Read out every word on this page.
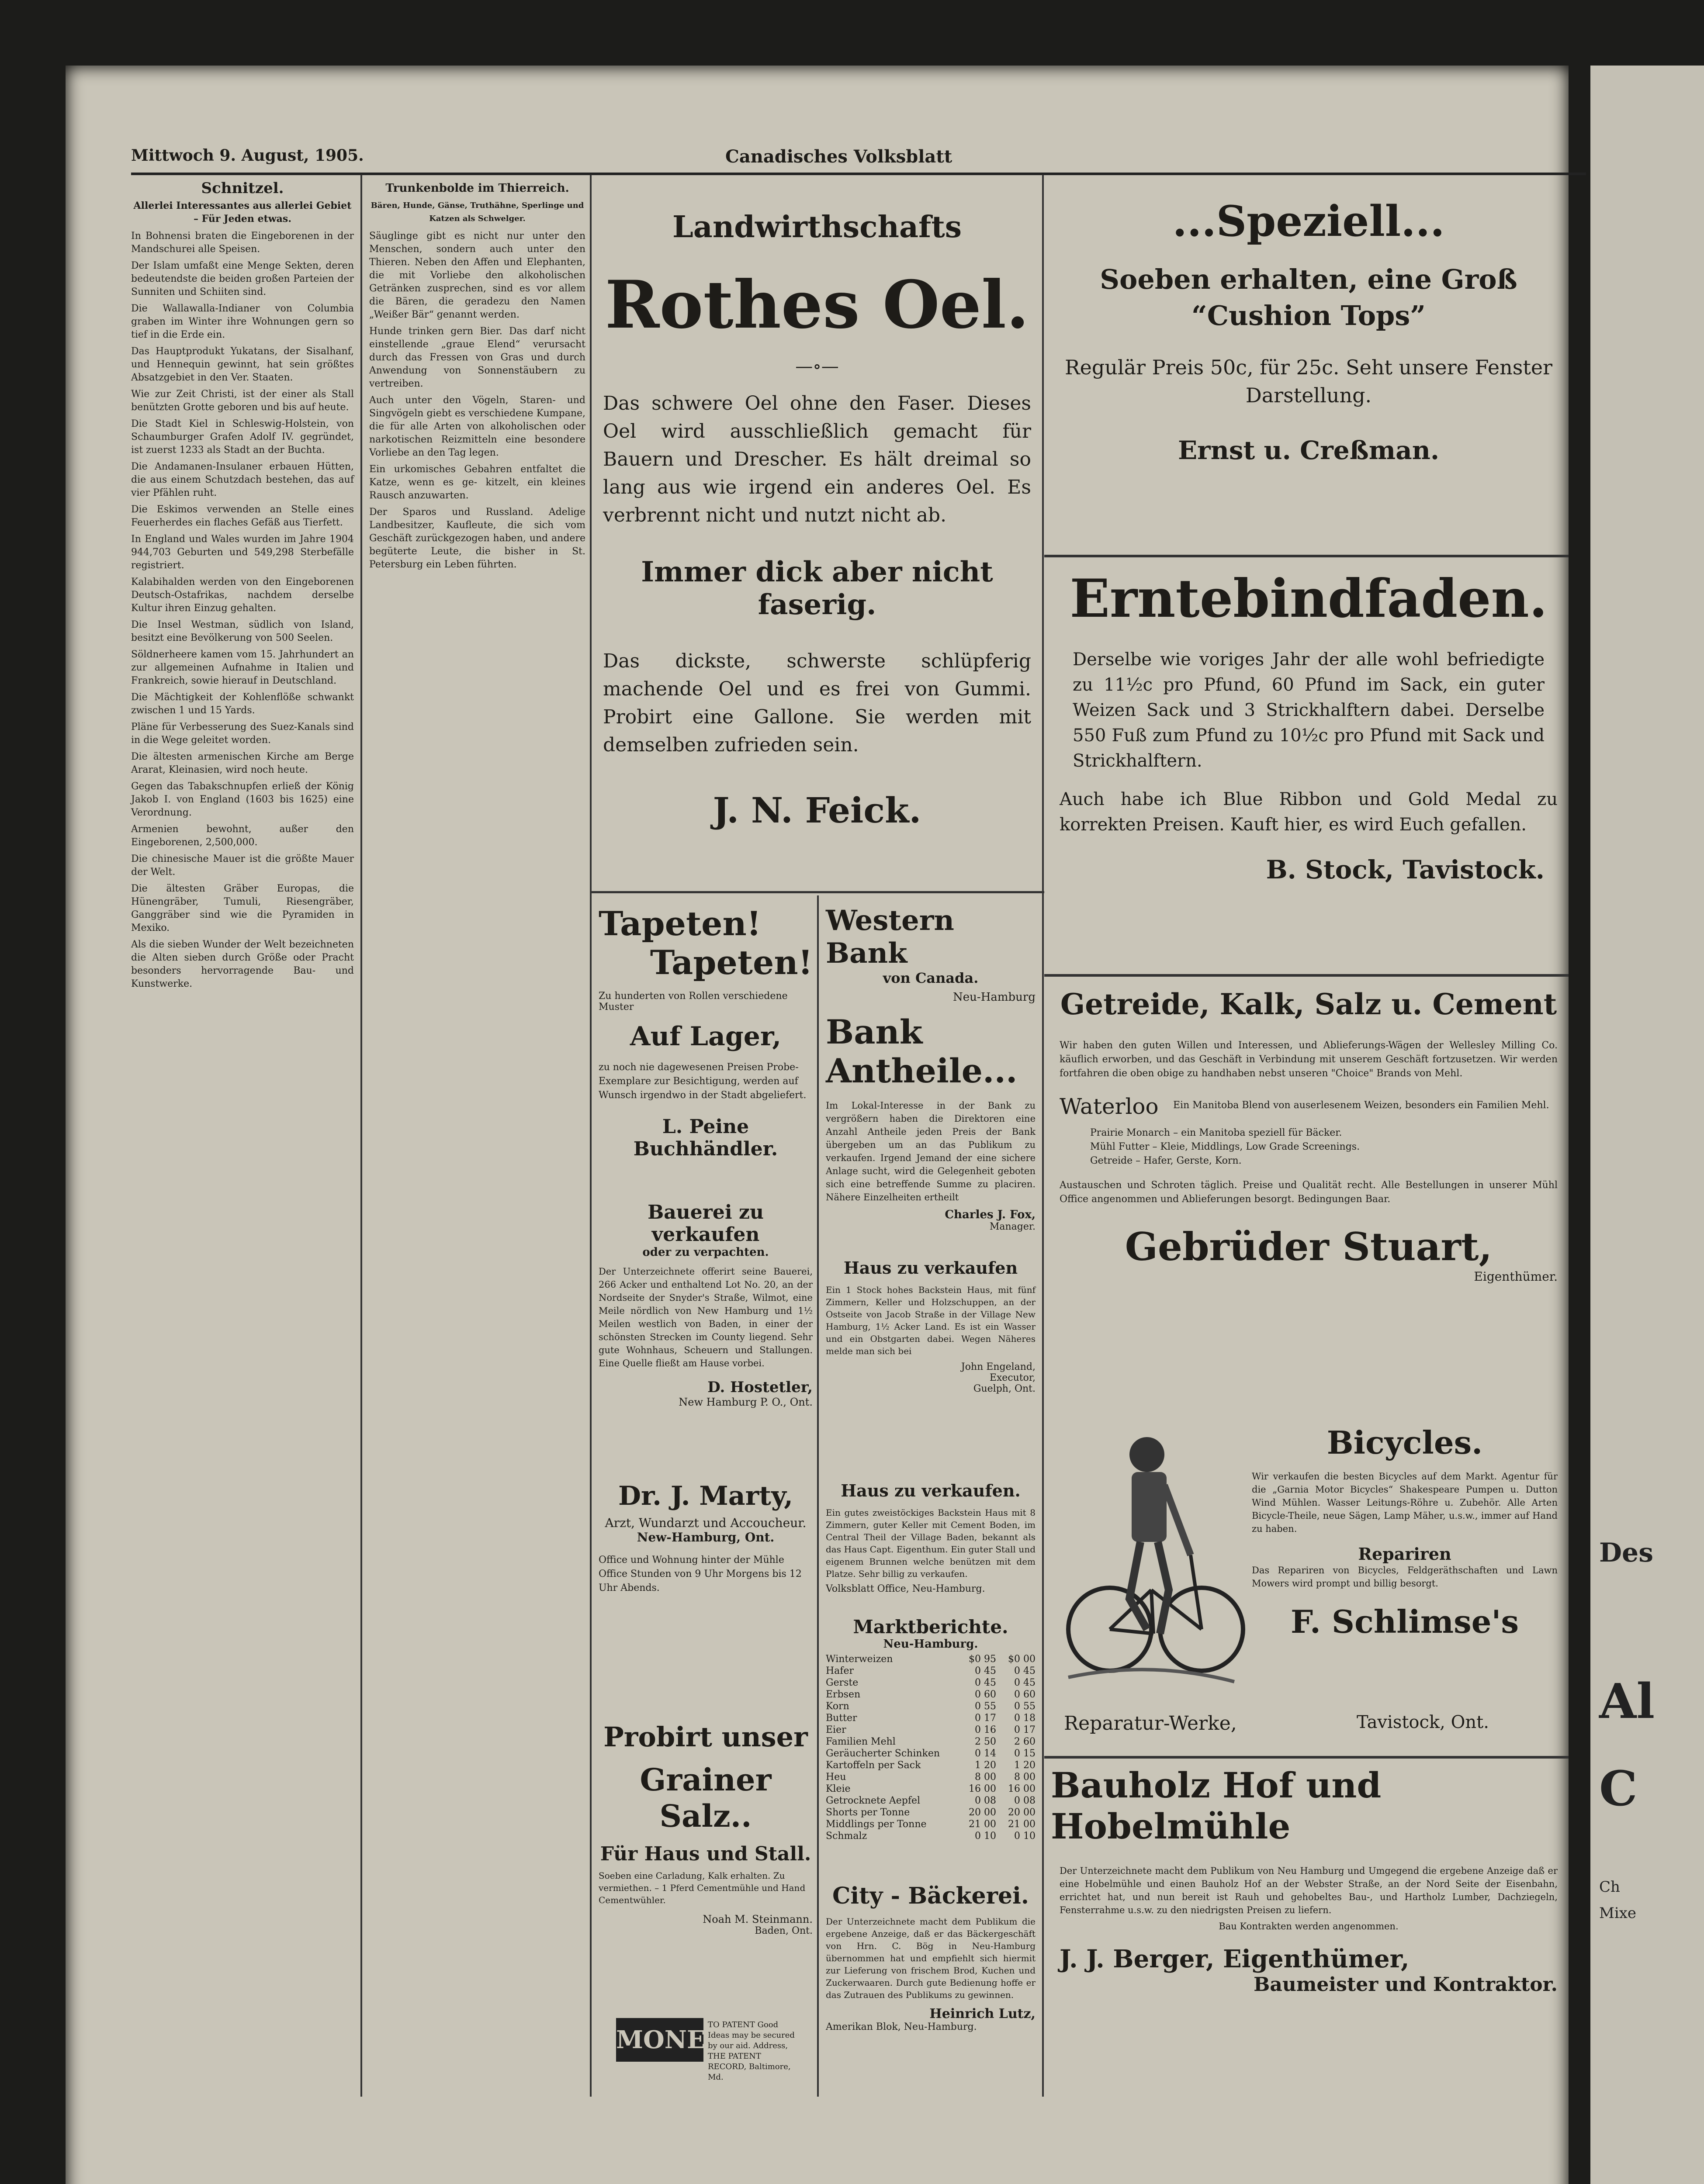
Des
Al
C
Ch
Mixe
Mittwoch 9. August, 1905.	Canadisches Volksblatt
Schnitzel.
Allerlei Interessantes aus allerlei Gebiet – Für Jeden etwas.

In Bohnensi braten die Eingeborenen in der Mandschurei alle Speisen.

Der Islam umfaßt eine Menge Sekten, deren bedeutendste die beiden großen Parteien der Sunniten und Schiiten sind.

Die Wallawalla-Indianer von Columbia graben im Winter ihre Wohnungen gern so tief in die Erde ein.

Das Hauptprodukt Yukatans, der Sisalhanf, und Hennequin gewinnt, hat sein größtes Absatzgebiet in den Ver. Staaten.

Wie zur Zeit Christi, ist der einer als Stall benützten Grotte geboren und bis auf heute.

Die Stadt Kiel in Schleswig-Holstein, von Schaumburger Grafen Adolf IV. gegründet, ist zuerst 1233 als Stadt an der Buchta.

Die Andamanen-Insulaner erbauen Hütten, die aus einem Schutzdach bestehen, das auf vier Pfählen ruht.

Die Eskimos verwenden an Stelle eines Feuerherdes ein flaches Gefäß aus Tierfett.

In England und Wales wurden im Jahre 1904 944,703 Geburten und 549,298 Sterbefälle registriert.

Kalabihalden werden von den Eingeborenen Deutsch-Ostafrikas, nachdem derselbe Kultur ihren Einzug gehalten.

Die Insel Westman, südlich von Island, besitzt eine Bevölkerung von 500 Seelen.

Söldnerheere kamen vom 15. Jahrhundert an zur allgemeinen Aufnahme in Italien und Frankreich, sowie hierauf in Deutschland.

Die Mächtigkeit der Kohlenflöße schwankt zwischen 1 und 15 Yards.

Pläne für Verbesserung des Suez-Kanals sind in die Wege geleitet worden.

Die ältesten armenischen Kirche am Berge Ararat, Kleinasien, wird noch heute.

Gegen das Tabakschnupfen erließ der König Jakob I. von England (1603 bis 1625) eine Verordnung.

Armenien bewohnt, außer den Eingeborenen, 2,500,000.

Die chinesische Mauer ist die größte Mauer der Welt.

Die ältesten Gräber Europas, die Hünengräber, Tumuli, Riesengräber, Ganggräber sind wie die Pyramiden in Mexiko.

Als die sieben Wunder der Welt bezeichneten die Alten sieben durch Größe oder Pracht besonders hervorragende Bau- und Kunstwerke.

Trunkenbolde im Thierreich.
Bären, Hunde, Gänse, Truthähne, Sperlinge und Katzen als Schwelger.

Säuglinge gibt es nicht nur unter den Menschen, sondern auch unter den Thieren. Neben den Affen und Elephanten, die mit Vorliebe den alkoholischen Getränken zusprechen, sind es vor allem die Bären, die geradezu den Namen „Weißer Bär“ genannt werden.

Hunde trinken gern Bier. Das darf nicht einstellende „graue Elend“ verursacht durch das Fressen von Gras und durch Anwendung von Sonnenstäubern zu vertreiben.

Auch unter den Vögeln, Staren- und Singvögeln giebt es verschiedene Kumpane, die für alle Arten von alkoholischen oder narkotischen Reizmitteln eine besondere Vorliebe an den Tag legen.

Ein urkomisches Gebahren entfaltet die Katze, wenn es ge- kitzelt, ein kleines Rausch anzuwarten.

Der Sparos und Russland. Adelige Landbesitzer, Kaufleute, die sich vom Geschäft zurückgezogen haben, und andere begüterte Leute, die bisher in St. Petersburg ein Leben führten.

Landwirthschafts
Rothes Oel.
—∘—
Das schwere Oel ohne den Faser. Dieses Oel wird ausschließlich gemacht für Bauern und Drescher. Es hält dreimal so lang aus wie irgend ein anderes Oel. Es verbrennt nicht und nutzt nicht ab.
Immer dick aber nicht faserig.
Das dickste, schwerste schlüpferig machende Oel und es frei von Gummi. Probirt eine Gallone. Sie werden mit demselben zufrieden sein.
J. N. Feick.
Tapeten!
Tapeten!
Zu hunderten von Rollen verschiedene Muster
Auf Lager,
zu noch nie dagewesenen Preisen Probe-Exemplare zur Besichtigung, werden auf Wunsch irgendwo in der Stadt abgeliefert.
L. Peine Buchhändler.
Bauerei zu verkaufen
oder zu verpachten.
Der Unterzeichnete offerirt seine Bauerei, 266 Acker und enthaltend Lot No. 20, an der Nordseite der Snyder's Straße, Wilmot, eine Meile nördlich von New Hamburg und 1½ Meilen westlich von Baden, in einer der schönsten Strecken im County liegend. Sehr gute Wohnhaus, Scheuern und Stallungen. Eine Quelle fließt am Hause vorbei.
D. Hostetler,
New Hamburg P. O., Ont.
Dr. J. Marty,
Arzt, Wundarzt und Accoucheur.
New-Hamburg, Ont.
Office und Wohnung hinter der Mühle Office Stunden von 9 Uhr Morgens bis 12 Uhr Abends.
Probirt unser
Grainer
Salz..
Für Haus und Stall.
Soeben eine Carladung, Kalk erhalten. Zu vermiethen. – 1 Pferd Cementmühle und Hand Cementwühler.
Noah M. Steinmann.
Baden, Ont.
MONEY
TO PATENT Good Ideas may be secured by our aid. Address, THE PATENT RECORD, Baltimore, Md.
Western Bank
von Canada.
Neu-Hamburg
Bank
Antheile...
Im Lokal-Interesse in der Bank zu vergrößern haben die Direktoren eine Anzahl Antheile jeden Preis der Bank übergeben um an das Publikum zu verkaufen. Irgend Jemand der eine sichere Anlage sucht, wird die Gelegenheit geboten sich eine betreffende Summe zu placiren. Nähere Einzelheiten ertheilt
Charles J. Fox,
Manager.
Haus zu verkaufen
Ein 1 Stock hohes Backstein Haus, mit fünf Zimmern, Keller und Holzschuppen, an der Ostseite von Jacob Straße in der Village New Hamburg, 1½ Acker Land. Es ist ein Wasser und ein Obstgarten dabei. Wegen Näheres melde man sich bei
John Engeland,
Executor,
Guelph, Ont.
Haus zu verkaufen.
Ein gutes zweistöckiges Backstein Haus mit 8 Zimmern, guter Keller mit Cement Boden, im Central Theil der Village Baden, bekannt als das Haus Capt. Eigenthum. Ein guter Stall und eigenem Brunnen welche benützen mit dem Platze. Sehr billig zu verkaufen.
Volksblatt Office, Neu-Hamburg.
Marktberichte.
Neu-Hamburg.
Winterweizen	$0 95	$0 00
Hafer	0 45	0 45
Gerste	0 45	0 45
Erbsen	0 60	0 60
Korn	0 55	0 55
Butter	0 17	0 18
Eier	0 16	0 17
Familien Mehl	2 50	2 60
Geräucherter Schinken	0 14	0 15
Kartoffeln per Sack	1 20	1 20
Heu	8 00	8 00
Kleie	16 00	16 00
Getrocknete Aepfel	0 08	0 08
Shorts per Tonne	20 00	20 00
Middlings per Tonne	21 00	21 00
Schmalz	0 10	0 10
City - Bäckerei.
Der Unterzeichnete macht dem Publikum die ergebene Anzeige, daß er das Bäckergeschäft von Hrn. C. Bög in Neu-Hamburg übernommen hat und empfiehlt sich hiermit zur Lieferung von frischem Brod, Kuchen und Zuckerwaaren. Durch gute Bedienung hoffe er das Zutrauen des Publikums zu gewinnen.
Heinrich Lutz,
Amerikan Blok, Neu-Hamburg.
...Speziell...
Soeben erhalten, eine Groß
“Cushion Tops”
Regulär Preis 50c, für 25c. Seht unsere Fenster Darstellung.
Ernst u. Creßman.
Erntebindfaden.
Derselbe wie voriges Jahr der alle wohl befriedigte zu 11½c pro Pfund, 60 Pfund im Sack, ein guter Weizen Sack und 3 Strickhalftern dabei. Derselbe 550 Fuß zum Pfund zu 10½c pro Pfund mit Sack und Strickhalftern.
Auch habe ich Blue Ribbon und Gold Medal zu korrekten Preisen. Kauft hier, es wird Euch gefallen.
B. Stock, Tavistock.
Getreide, Kalk, Salz u. Cement
Wir haben den guten Willen und Interessen, und Ablieferungs-Wägen der Wellesley Milling Co. käuflich erworben, und das Geschäft in Verbindung mit unserem Geschäft fortzusetzen. Wir werden fortfahren die oben obige zu handhaben nebst unseren "Choice" Brands von Mehl.
Waterloo Ein Manitoba Blend von auserlesenem Weizen, besonders ein Familien Mehl.
Prairie Monarch – ein Manitoba speziell für Bäcker.
Mühl Futter – Kleie, Middlings, Low Grade Screenings.
Getreide – Hafer, Gerste, Korn.
Austauschen und Schroten täglich. Preise und Qualität recht. Alle Bestellungen in unserer Mühl Office angenommen und Ablieferungen besorgt. Bedingungen Baar.
Gebrüder Stuart,
Eigenthümer.
Bicycles.
Wir verkaufen die besten Bicycles auf dem Markt. Agentur für die „Garnia Motor Bicycles“ Shakespeare Pumpen u. Dutton Wind Mühlen. Wasser Leitungs-Röhre u. Zubehör. Alle Arten Bicycle-Theile, neue Sägen, Lamp Mäher, u.s.w., immer auf Hand zu haben.
Repariren
Das Repariren von Bicycles, Feldgeräthschaften und Lawn Mowers wird prompt und billig besorgt.
F. Schlimse's
Reparatur-Werke,	Tavistock, Ont.
Bauholz Hof und
Hobelmühle
Der Unterzeichnete macht dem Publikum von Neu Hamburg und Umgegend die ergebene Anzeige daß er eine Hobelmühle und einen Bauholz Hof an der Webster Straße, an der Nord Seite der Eisenbahn, errichtet hat, und nun bereit ist Rauh und gehobeltes Bau-, und Hartholz Lumber, Dachziegeln, Fensterrahme u.s.w. zu den niedrigsten Preisen zu liefern.
Bau Kontrakten werden angenommen.
J. J. Berger, Eigenthümer,
Baumeister und Kontraktor.
